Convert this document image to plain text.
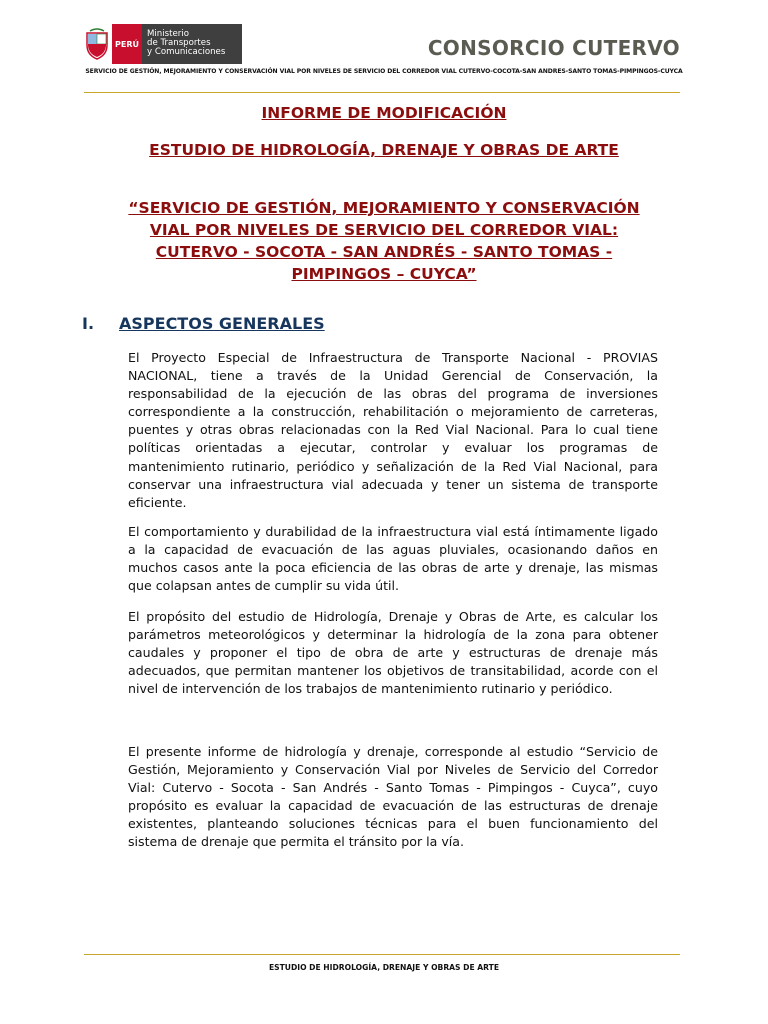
PERÚ
Ministerio
de Transportes
y Comunicaciones	CONSORCIO CUTERVO
SERVICIO DE GESTIÓN, MEJORAMIENTO Y CONSERVACIÓN VIAL POR NIVELES DE SERVICIO DEL CORREDOR VIAL CUTERVO-COCOTA-SAN ANDRES-SANTO TOMAS-PIMPINGOS-CUYCA
INFORME DE MODIFICACIÓN
ESTUDIO DE HIDROLOGÍA, DRENAJE Y OBRAS DE ARTE
“SERVICIO DE GESTIÓN, MEJORAMIENTO Y CONSERVACIÓN VIAL POR NIVELES DE SERVICIO DEL CORREDOR VIAL: CUTERVO - SOCOTA - SAN ANDRÉS - SANTO TOMAS - PIMPINGOS – CUYCA”
I. ASPECTOS GENERALES
El Proyecto Especial de Infraestructura de Transporte Nacional - PROVIAS NACIONAL, tiene a través de la Unidad Gerencial de Conservación, la responsabilidad de la ejecución de las obras del programa de inversiones correspondiente a la construcción, rehabilitación o mejoramiento de carreteras, puentes y otras obras relacionadas con la Red Vial Nacional. Para lo cual tiene políticas orientadas a ejecutar, controlar y evaluar los programas de mantenimiento rutinario, periódico y señalización de la Red Vial Nacional, para conservar una infraestructura vial adecuada y tener un sistema de transporte eficiente.
El comportamiento y durabilidad de la infraestructura vial está íntimamente ligado a la capacidad de evacuación de las aguas pluviales, ocasionando daños en muchos casos ante la poca eficiencia de las obras de arte y drenaje, las mismas que colapsan antes de cumplir su vida útil.
El propósito del estudio de Hidrología, Drenaje y Obras de Arte, es calcular los parámetros meteorológicos y determinar la hidrología de la zona para obtener caudales y proponer el tipo de obra de arte y estructuras de drenaje más adecuados, que permitan mantener los objetivos de transitabilidad, acorde con el nivel de intervención de los trabajos de mantenimiento rutinario y periódico.
El presente informe de hidrología y drenaje, corresponde al estudio “Servicio de Gestión, Mejoramiento y Conservación Vial por Niveles de Servicio del Corredor Vial: Cutervo - Socota - San Andrés - Santo Tomas - Pimpingos - Cuyca”, cuyo propósito es evaluar la capacidad de evacuación de las estructuras de drenaje existentes, planteando soluciones técnicas para el buen funcionamiento del sistema de drenaje que permita el tránsito por la vía.
ESTUDIO DE HIDROLOGÍA, DRENAJE Y OBRAS DE ARTE
